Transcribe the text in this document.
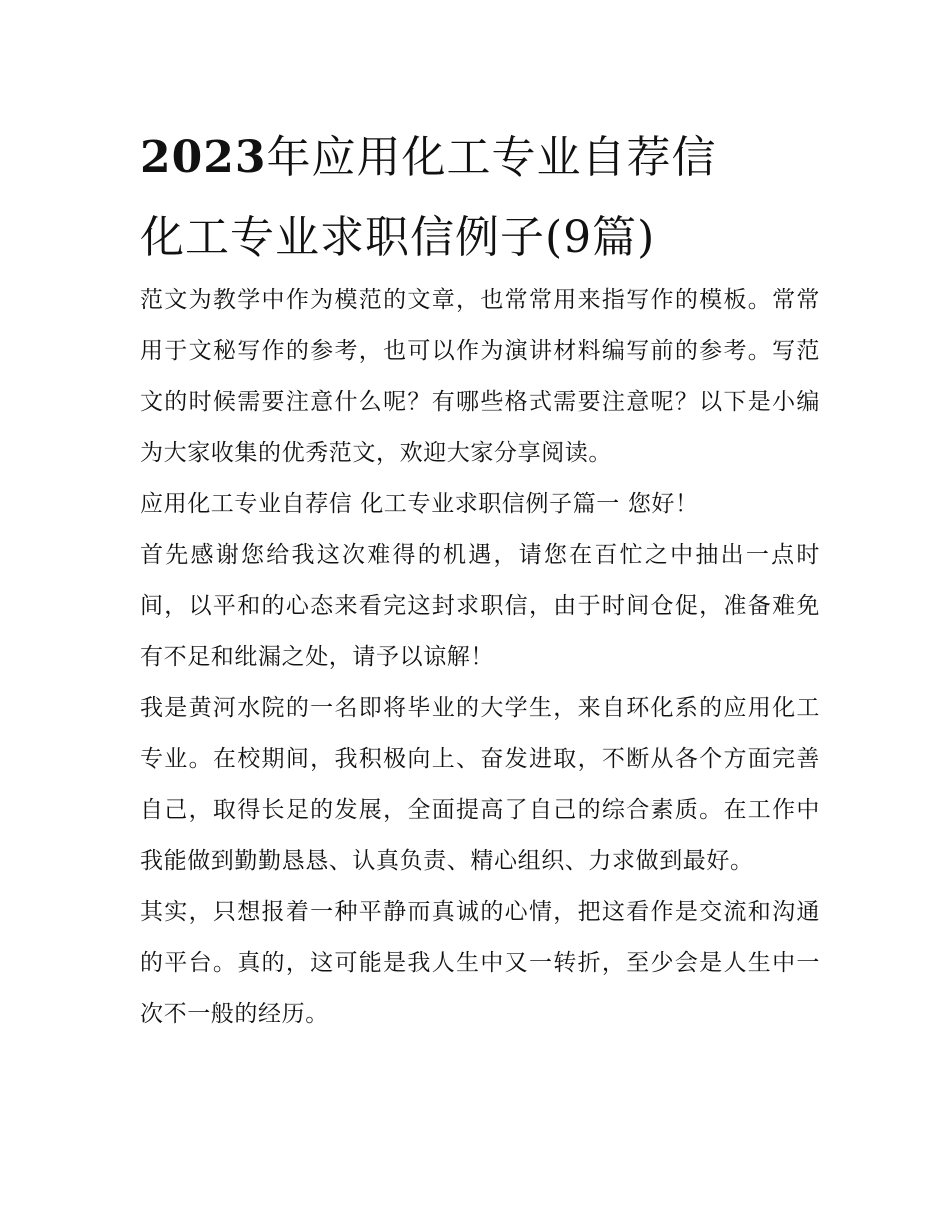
2023年应用化工专业自荐信
化工专业求职信例子(9篇)

范文为教学中作为模范的文章，也常常用来指写作的模板。常常用于文秘写作的参考，也可以作为演讲材料编写前的参考。写范文的时候需要注意什么呢？有哪些格式需要注意呢？以下是小编为大家收集的优秀范文，欢迎大家分享阅读。

应用化工专业自荐信 化工专业求职信例子篇一 您好！

首先感谢您给我这次难得的机遇，请您在百忙之中抽出一点时间，以平和的心态来看完这封求职信，由于时间仓促，准备难免有不足和纰漏之处，请予以谅解！

我是黄河水院的一名即将毕业的大学生，来自环化系的应用化工专业。在校期间，我积极向上、奋发进取，不断从各个方面完善自己，取得长足的发展，全面提高了自己的综合素质。在工作中我能做到勤勤恳恳、认真负责、精心组织、力求做到最好。

其实，只想报着一种平静而真诚的心情，把这看作是交流和沟通的平台。真的，这可能是我人生中又一转折，至少会是人生中一次不一般的经历。
